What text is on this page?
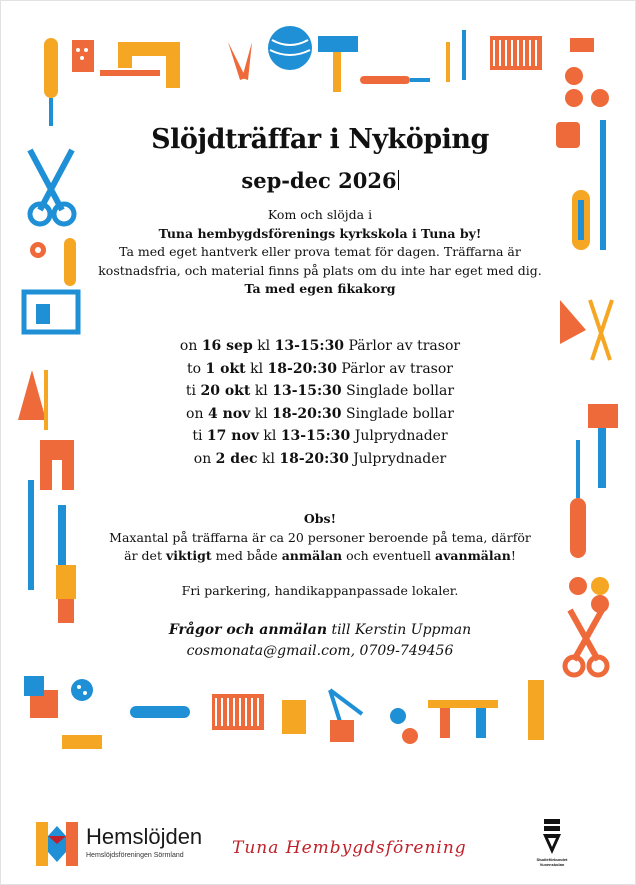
Slöjdträffar i Nyköping
sep-dec 2026
Kom och slöjda i
Tuna hembygdsförenings kyrkskola i Tuna by!
Ta med eget hantverk eller prova temat för dagen. Träffarna är
kostnadsfria, och material finns på plats om du inte har eget med dig.
Ta med egen fikakorg
on 16 sep kl 13-15:30 Pärlor av trasor
to 1 okt kl 18-20:30 Pärlor av trasor
ti 20 okt kl 13-15:30 Singlade bollar
on 4 nov kl 18-20:30 Singlade bollar
ti 17 nov kl 13-15:30 Julprydnader
on 2 dec kl 18-20:30 Julprydnader
Obs!
Maxantal på träffarna är ca 20 personer beroende på tema, därför
är det viktigt med både anmälan och eventuell avanmälan!
Fri parkering, handikappanpassade lokaler.
Frågor och anmälan till Kerstin Uppman
cosmonata@gmail.com, 0709-749456
Hemslöjden
Hemslöjdsföreningen Sörmland	Tuna Hembygdsförening
Studieförbundet
Vuxenskolan
